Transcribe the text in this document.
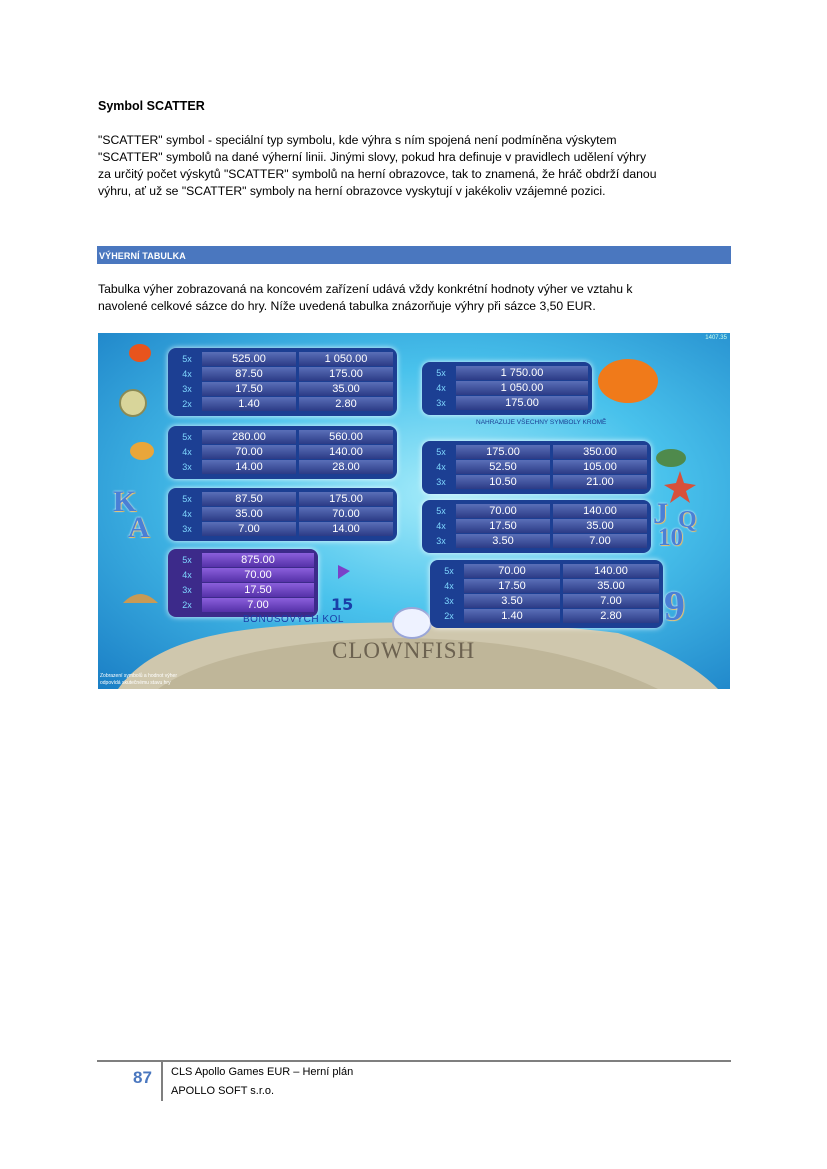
Symbol SCATTER

"SCATTER" symbol - speciální typ symbolu, kde výhra s ním spojená není podmíněna výskytem
"SCATTER" symbolů na dané výherní linii. Jinými slovy, pokud hra definuje v pravidlech udělení výhry
za určitý počet výskytů "SCATTER" symbolů na herní obrazovce, tak to znamená, že hráč obdrží danou
výhru, ať už se "SCATTER" symboly na herní obrazovce vyskytují v jakékoliv vzájemné pozici.

VÝHERNÍ TABULKA

Tabulka výher zobrazovaná na koncovém zařízení udává vždy konkrétní hodnoty výher ve vztahu k
navolené celkové sázce do hry. Níže uvedená tabulka znázorňuje výhry při sázce 3,50 EUR.

1407.35
5x	525.00	1 050.00
4x	87.50	175.00
3x	17.50	35.00
2x	1.40	2.80
5x	280.00	560.00
4x	70.00	140.00
3x	14.00	28.00
5x	87.50	175.00
4x	35.00	70.00
3x	7.00	14.00
5x	875.00
4x	70.00
3x	17.50
2x	7.00
5x	1 750.00
4x	1 050.00
3x	175.00
5x	175.00	350.00
4x	52.50	105.00
3x	10.50	21.00
5x	70.00	140.00
4x	17.50	35.00
3x	3.50	7.00
5x	70.00	140.00
4x	17.50	35.00
3x	3.50	7.00
2x	1.40	2.80
NAHRAZUJE VŠECHNY SYMBOLY KROMĚ
15
BONUSOVÝCH KOL
CLOWNFISH
K
A	J Q
10
9
Zobrazení symbolů a hodnot výher
odpovídá skutečnému stavu hry
87 CLS Apollo Games EUR – Herní plán
APOLLO SOFT s.r.o.
